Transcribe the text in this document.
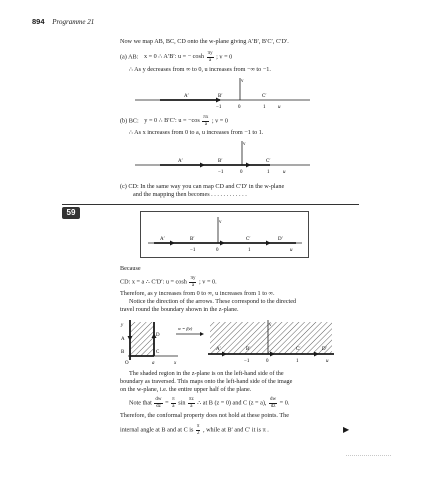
894 Programme 21
Now we map AB, BC, CD onto the w-plane giving A′B′, B′C′, C′D′.
(a) AB: x = 0 ∴ A′B′: u = − $\cosh \frac{\pi y}{a}$ ; v = 0
∴ As y decreases from ∞ to 0, u increases from −∞ to −1.
v
A′	B′	C′
−1	0	1	u
(b) BC: y = 0 ∴ B′C′: $u = -\cos \frac{\pi x}{a}$ ; v = 0
∴ As x increases from 0 to a, u increases from −1 to 1.
v
A′	B′	C′
−1	0	1	u
(c) CD: In the same way you can map CD and C′D′ in the w-plane
and the mapping then becomes . . . . . . . . . . . .
59
v
A′	B′	C′	D′
−1	0	1	u
Because
CD: x = a ∴ C′D′: $u = \cosh \frac{\pi y}{a}$ ; v = 0.
Therefore, as y increases from 0 to ∞, u increases from 1 to ∞.
Notice the direction of the arrows. These correspond to the directed
travel round the boundary shown in the z-plane.
y
A
B	C
D
O	a	x
w = f(z)
v
A′	B′	C′	D′
−1	0	1	u
The shaded region in the z-plane is on the left-hand side of the
boundary as traversed. This maps onto the left-hand side of the image
on the w-plane, i.e. the entire upper half of the plane.
Note that $\frac{dw}{dz} = \frac{\pi}{a}$ $\sin \frac{\pi z}{a}$ ∴ at B (z = 0) and C (z = a), $\frac{dw}{dz} = 0$.
Therefore, the conformal property does not hold at these points. The
internal angle at B and at C is $\frac{\pi}{2}$ , while at B′ and C′ it is π .	▶
